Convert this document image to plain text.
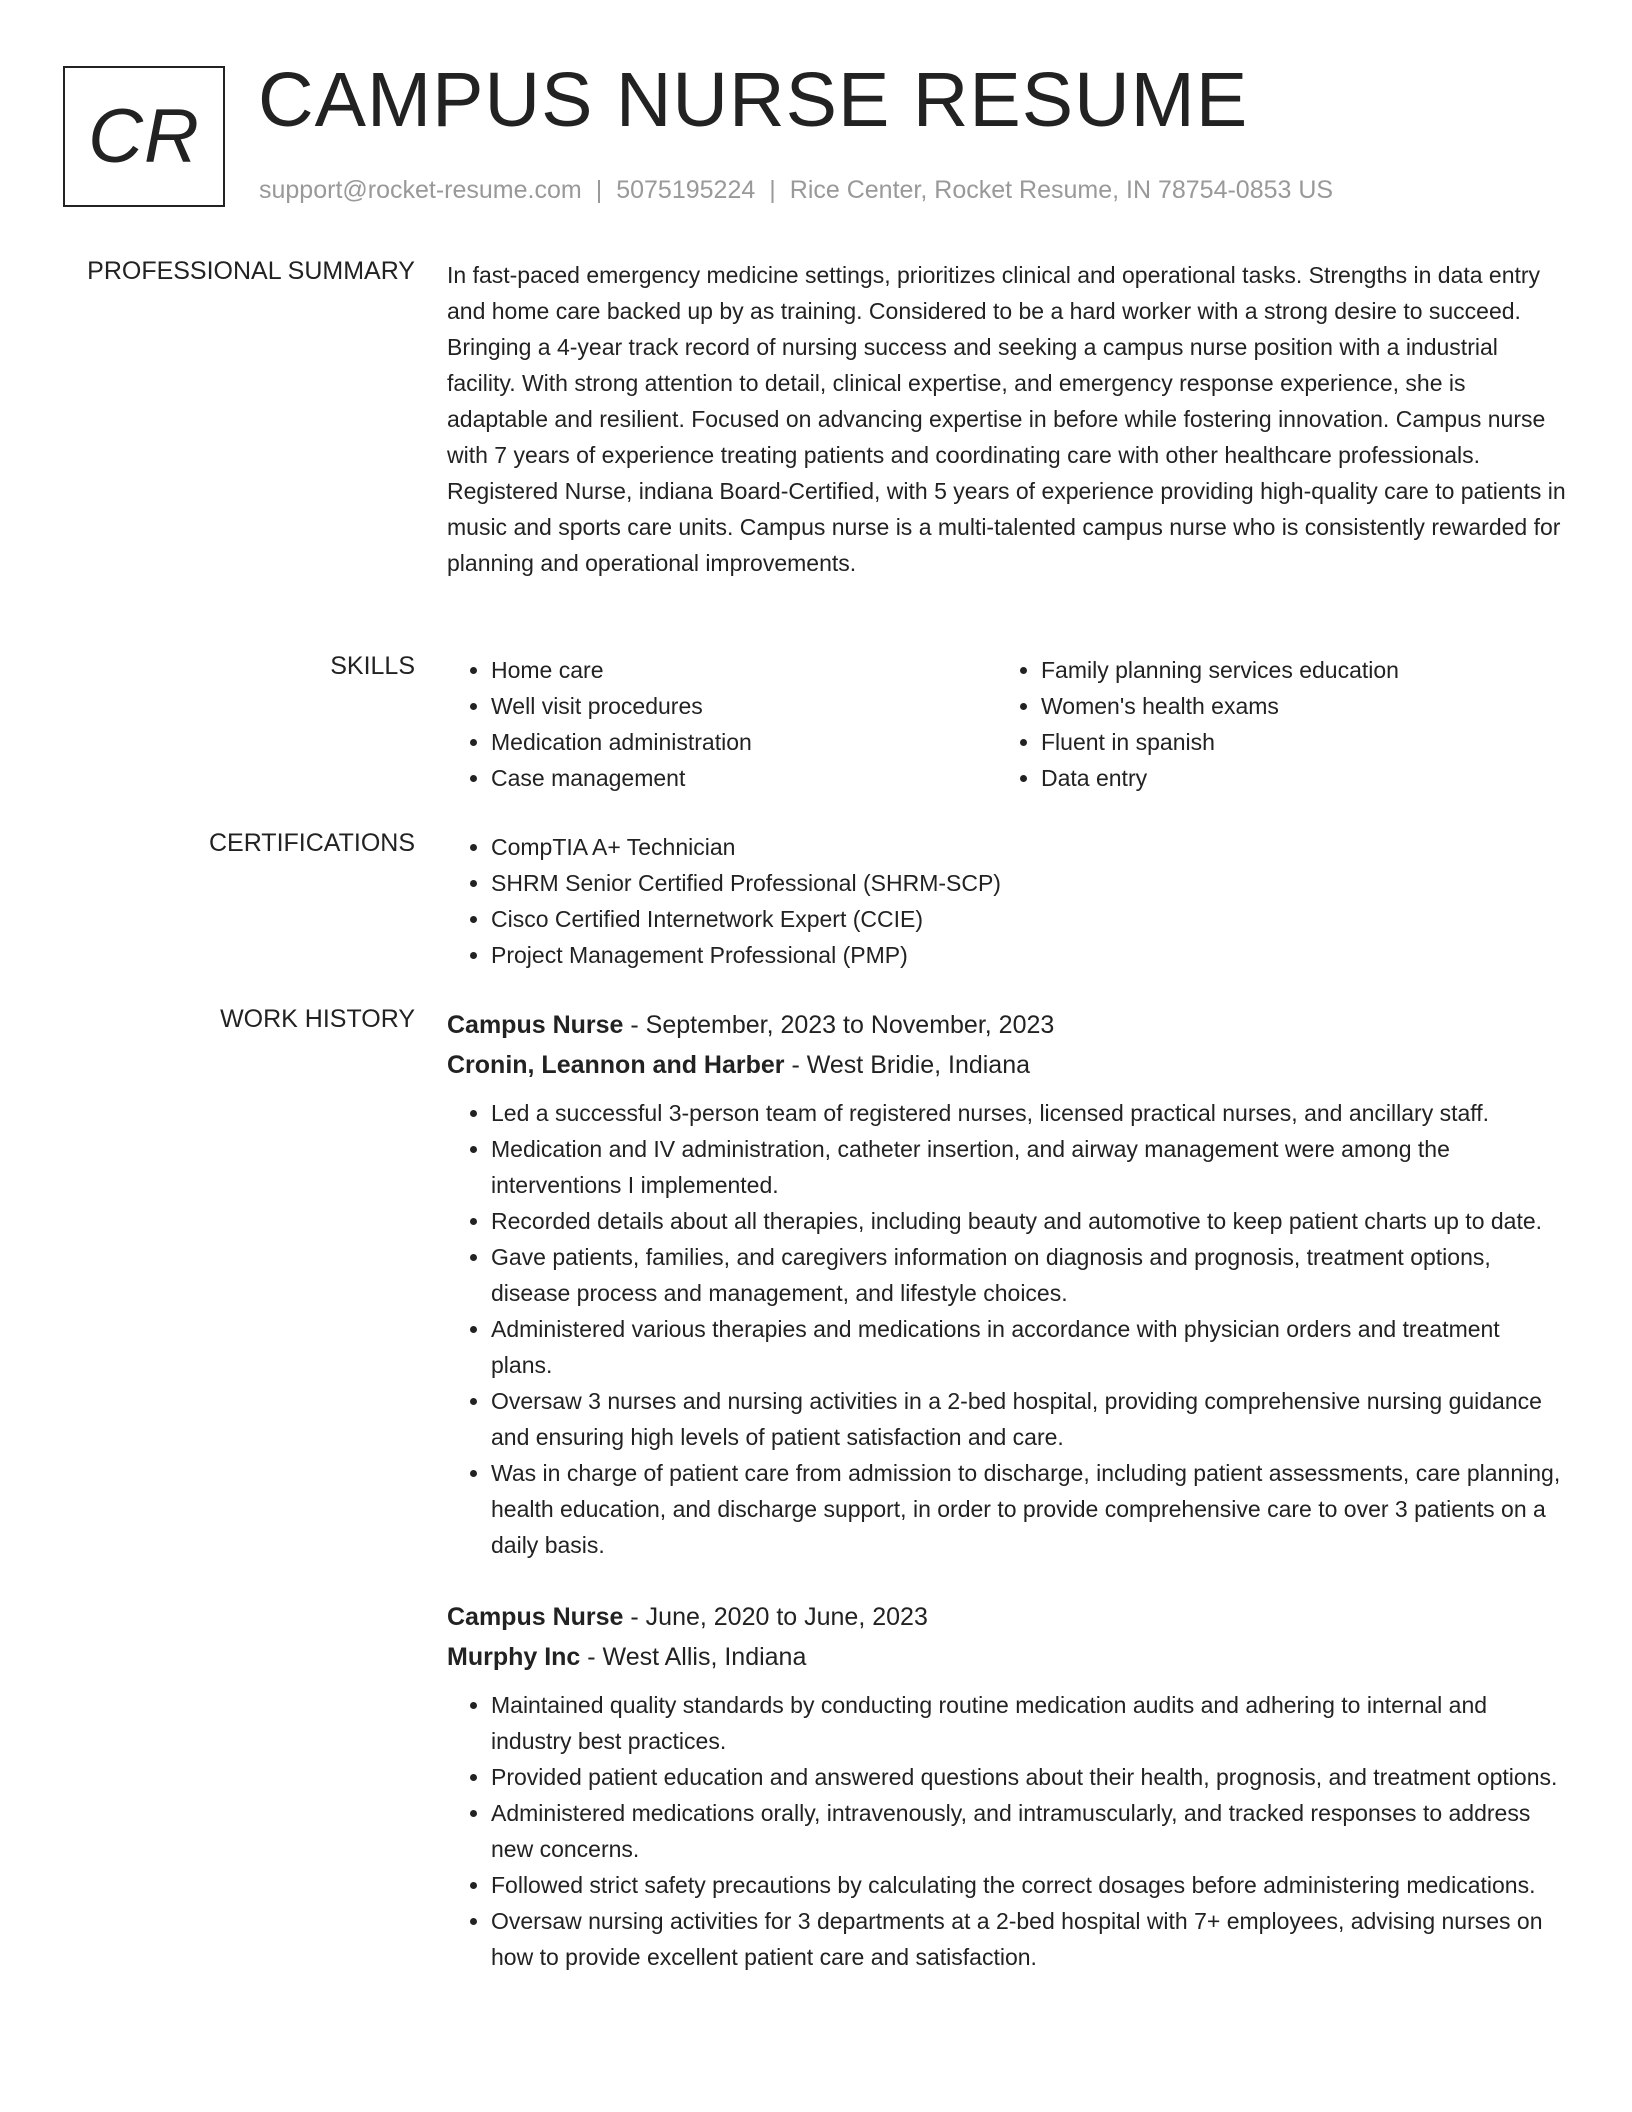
CR CAMPUS NURSE RESUME
support@rocket-resume.com | 5075195224 | Rice Center, Rocket Resume, IN 78754-0853 US
PROFESSIONAL SUMMARY In fast-paced emergency medicine settings, prioritizes clinical and operational tasks. Strengths in data entry and home care backed up by as training. Considered to be a hard worker with a strong desire to succeed. Bringing a 4-year track record of nursing success and seeking a campus nurse position with a industrial facility. With strong attention to detail, clinical expertise, and emergency response experience, she is adaptable and resilient. Focused on advancing expertise in before while fostering innovation. Campus nurse with 7 years of experience treating patients and coordinating care with other healthcare professionals. Registered Nurse, indiana Board-Certified, with 5 years of experience providing high-quality care to patients in music and sports care units. Campus nurse is a multi-talented campus nurse who is consistently rewarded for planning and operational improvements.

SKILLS	• Home care
• Well visit procedures
• Medication administration
• Case management
• Family planning services education
• Women's health exams
• Fluent in spanish
• Data entry
CERTIFICATIONS	• CompTIA A+ Technician
• SHRM Senior Certified Professional (SHRM-SCP)
• Cisco Certified Internetwork Expert (CCIE)
• Project Management Professional (PMP)
WORK HISTORY Campus Nurse - September, 2023 to November, 2023
Cronin, Leannon and Harber - West Bridie, Indiana
• Led a successful 3-person team of registered nurses, licensed practical nurses, and ancillary staff.
• Medication and IV administration, catheter insertion, and airway management were among the interventions I implemented.
• Recorded details about all therapies, including beauty and automotive to keep patient charts up to date.
• Gave patients, families, and caregivers information on diagnosis and prognosis, treatment options, disease process and management, and lifestyle choices.
• Administered various therapies and medications in accordance with physician orders and treatment plans.
• Oversaw 3 nurses and nursing activities in a 2-bed hospital, providing comprehensive nursing guidance and ensuring high levels of patient satisfaction and care.
• Was in charge of patient care from admission to discharge, including patient assessments, care planning, health education, and discharge support, in order to provide comprehensive care to over 3 patients on a daily basis.
Campus Nurse - June, 2020 to June, 2023
Murphy Inc - West Allis, Indiana
• Maintained quality standards by conducting routine medication audits and adhering to internal and industry best practices.
• Provided patient education and answered questions about their health, prognosis, and treatment options.
• Administered medications orally, intravenously, and intramuscularly, and tracked responses to address new concerns.
• Followed strict safety precautions by calculating the correct dosages before administering medications.
• Oversaw nursing activities for 3 departments at a 2-bed hospital with 7+ employees, advising nurses on how to provide excellent patient care and satisfaction.
